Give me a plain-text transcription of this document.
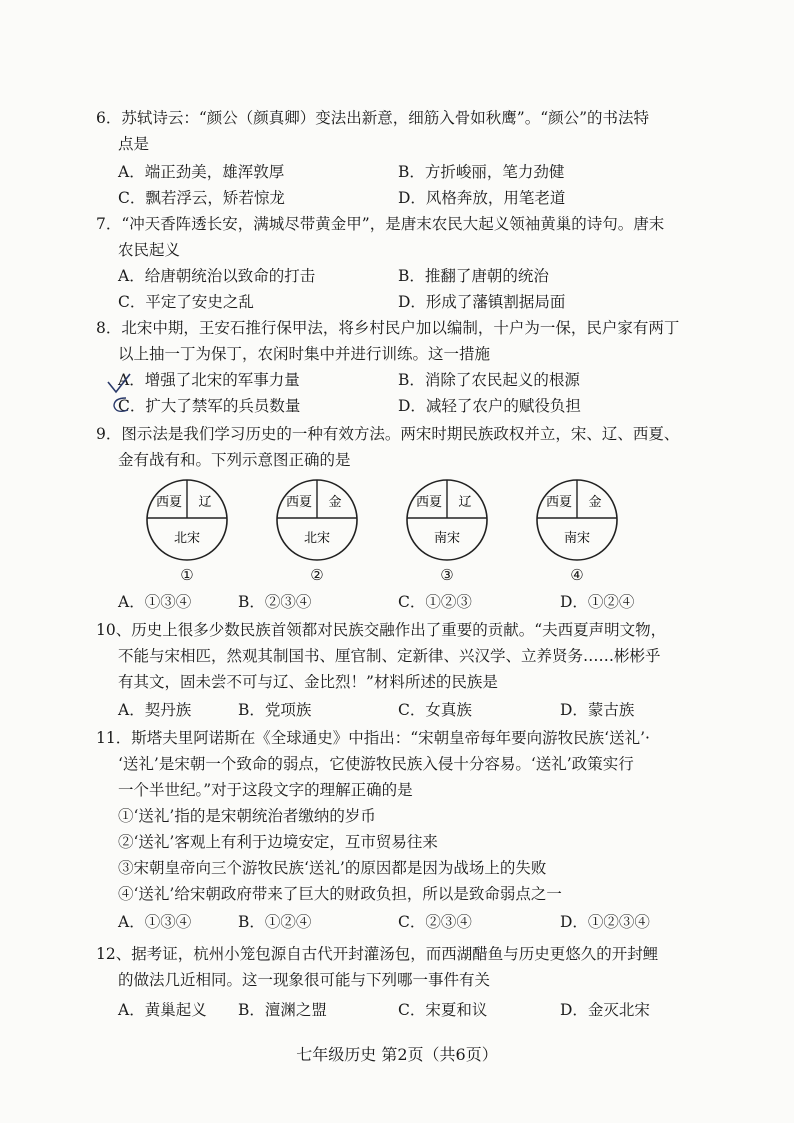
6．苏轼诗云：“颜公（颜真卿）变法出新意，细筋入骨如秋鹰”。“颜公”的书法特
点是
A．端正劲美，雄浑敦厚	B．方折峻丽，笔力劲健
C．飘若浮云，矫若惊龙	D．风格奔放，用笔老道
7．“冲天香阵透长安，满城尽带黄金甲”，是唐末农民大起义领袖黄巢的诗句。唐末
农民起义
A．给唐朝统治以致命的打击	B．推翻了唐朝的统治
C．平定了安史之乱	D．形成了藩镇割据局面
8．北宋中期，王安石推行保甲法，将乡村民户加以编制，十户为一保，民户家有两丁
以上抽一丁为保丁，农闲时集中并进行训练。这一措施
A．增强了北宋的军事力量	B．消除了农民起义的根源
C．扩大了禁军的兵员数量	D．减轻了农户的赋役负担
9．图示法是我们学习历史的一种有效方法。两宋时期民族政权并立，宋、辽、西夏、
金有战有和。下列示意图正确的是
西夏 辽
北宋
①
西夏 金
北宋
②
西夏 辽
南宋
③
西夏 金
南宋
④
A．①③④	B．②③④	C．①②③	D．①②④
10、历史上很多少数民族首领都对民族交融作出了重要的贡献。“夫西夏声明文物，
不能与宋相匹，然观其制国书、厘官制、定新律、兴汉学、立养贤务……彬彬乎
有其文，固未尝不可与辽、金比烈！”材料所述的民族是
A．契丹族	B．党项族	C．女真族	D．蒙古族
11．斯塔夫里阿诺斯在《全球通史》中指出：“宋朝皇帝每年要向游牧民族‘送礼’·
‘送礼’是宋朝一个致命的弱点，它使游牧民族入侵十分容易。‘送礼’政策实行
一个半世纪。”对于这段文字的理解正确的是
①‘送礼’指的是宋朝统治者缴纳的岁币
②‘送礼’客观上有利于边境安定，互市贸易往来
③宋朝皇帝向三个游牧民族‘送礼’的原因都是因为战场上的失败
④‘送礼’给宋朝政府带来了巨大的财政负担，所以是致命弱点之一
A．①③④	B．①②④	C．②③④	D．①②③④
12、据考证，杭州小笼包源自古代开封灌汤包，而西湖醋鱼与历史更悠久的开封鲤
的做法几近相同。这一现象很可能与下列哪一事件有关
A．黄巢起义 B．澶渊之盟	C．宋夏和议	D．金灭北宋
七年级历史 第2页（共6页）
